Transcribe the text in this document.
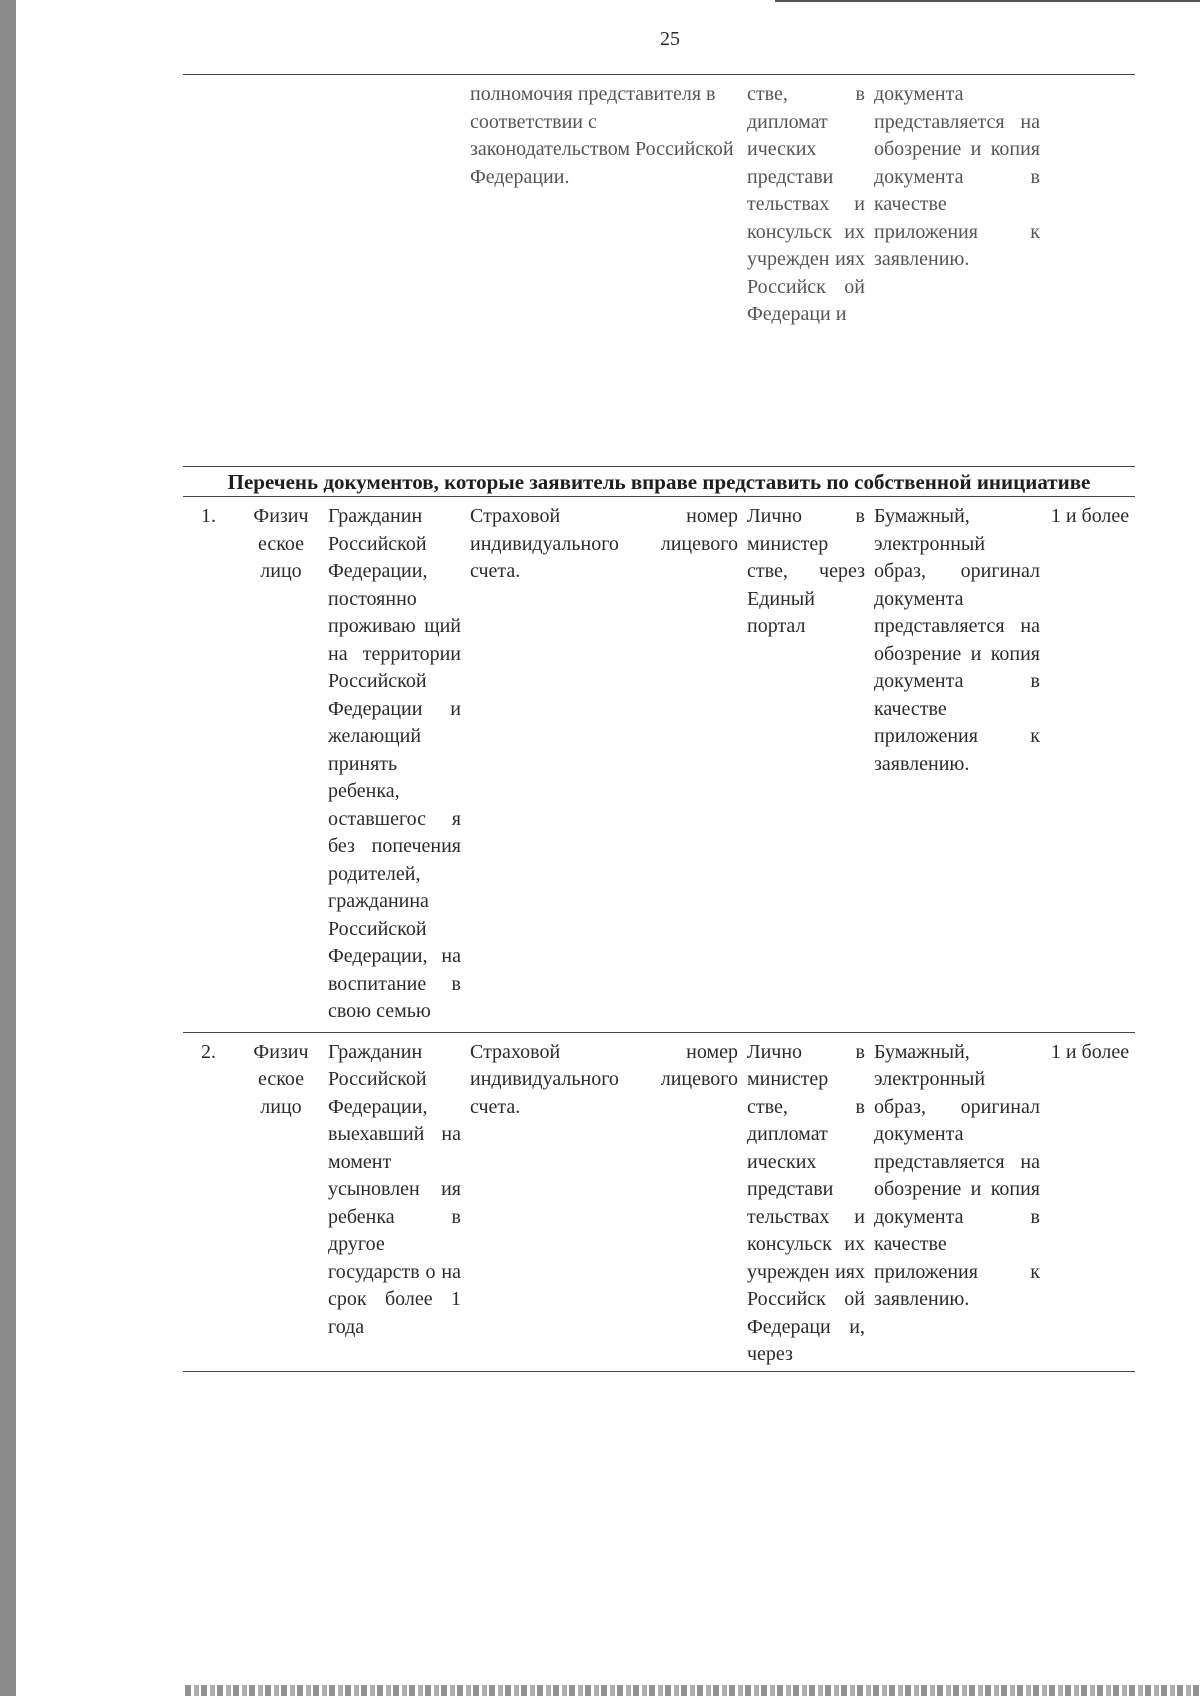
25
			полномочия представителя в соответствии с законодательством Российской Федерации.	стве, в дипломат ических представи тельствах и консульск их учрежден иях Российск ой Федераци и	документа представляется на обозрение и копия документа в качестве приложения к заявлению.	
Перечень документов, которые заявитель вправе представить по собственной инициативе						
1.	Физич еское лицо	Гражданин Российской Федерации, постоянно проживаю щий на территории Российской Федерации и желающий принять ребенка, оставшегос я без попечения родителей, гражданина Российской Федерации, на воспитание в свою семью	Страховой номер индивидуального лицевого счета.	Лично в министер стве, через Единый портал	Бумажный, электронный образ, оригинал документа представляется на обозрение и копия документа в качестве приложения к заявлению.	1 и более
2.	Физич еское лицо	Гражданин Российской Федерации, выехавший на момент усыновлен ия ребенка в другое государств о на срок более 1 года	Страховой номер индивидуального лицевого счета.	Лично в министер стве, в дипломат ических представи тельствах и консульск их учрежден иях Российск ой Федераци и, через	Бумажный, электронный образ, оригинал документа представляется на обозрение и копия документа в качестве приложения к заявлению.	1 и более
